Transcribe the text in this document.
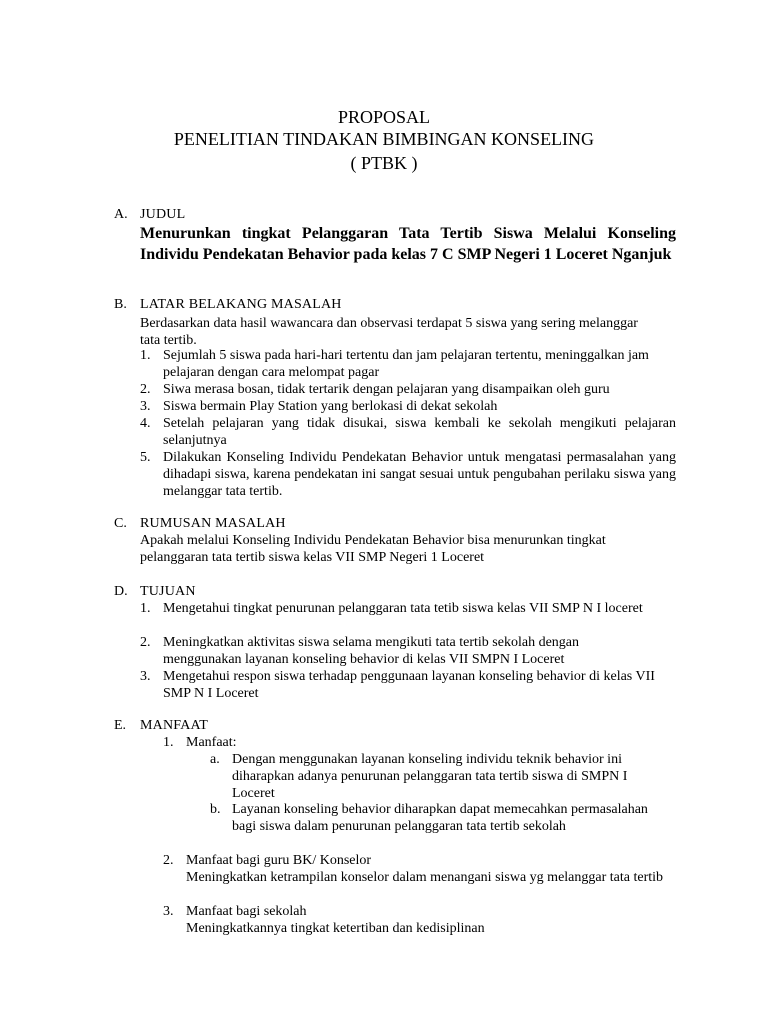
PROPOSAL
PENELITIAN TINDAKAN BIMBINGAN KONSELING
( PTBK )
A. JUDUL
Menurunkan tingkat Pelanggaran Tata Tertib Siswa Melalui Konseling Individu Pendekatan Behavior pada kelas 7 C SMP Negeri 1 Loceret Nganjuk
B. LATAR BELAKANG MASALAH
Berdasarkan data hasil wawancara dan observasi terdapat 5 siswa yang sering melanggar tata tertib.
1. Sejumlah 5 siswa pada hari-hari tertentu dan jam pelajaran tertentu, meninggalkan jam pelajaran dengan cara melompat pagar
2. Siwa merasa bosan, tidak tertarik dengan pelajaran yang disampaikan oleh guru
3. Siswa bermain Play Station yang berlokasi di dekat sekolah
4. Setelah pelajaran yang tidak disukai, siswa kembali ke sekolah mengikuti pelajaran selanjutnya
5. Dilakukan Konseling Individu Pendekatan Behavior untuk mengatasi permasalahan yang dihadapi siswa, karena pendekatan ini sangat sesuai untuk pengubahan perilaku siswa yang melanggar tata tertib.
C. RUMUSAN MASALAH
Apakah melalui Konseling Individu Pendekatan Behavior bisa menurunkan tingkat pelanggaran tata tertib siswa kelas VII SMP Negeri 1 Loceret
D. TUJUAN
1. Mengetahui tingkat penurunan pelanggaran tata tetib siswa kelas VII SMP N I loceret
2. Meningkatkan aktivitas siswa selama mengikuti tata tertib sekolah dengan menggunakan layanan konseling behavior di kelas VII SMPN I Loceret
3. Mengetahui respon siswa terhadap penggunaan layanan konseling behavior di kelas VII SMP N I Loceret
E. MANFAAT
1. Manfaat:
a. Dengan menggunakan layanan konseling individu teknik behavior ini diharapkan adanya penurunan pelanggaran tata tertib siswa di SMPN I Loceret
b. Layanan konseling behavior diharapkan dapat memecahkan permasalahan bagi siswa dalam penurunan pelanggaran tata tertib sekolah
2. Manfaat bagi guru BK/ Konselor
Meningkatkan ketrampilan konselor dalam menangani siswa yg melanggar tata tertib
3. Manfaat bagi sekolah
Meningkatkannya tingkat ketertiban dan kedisiplinan
